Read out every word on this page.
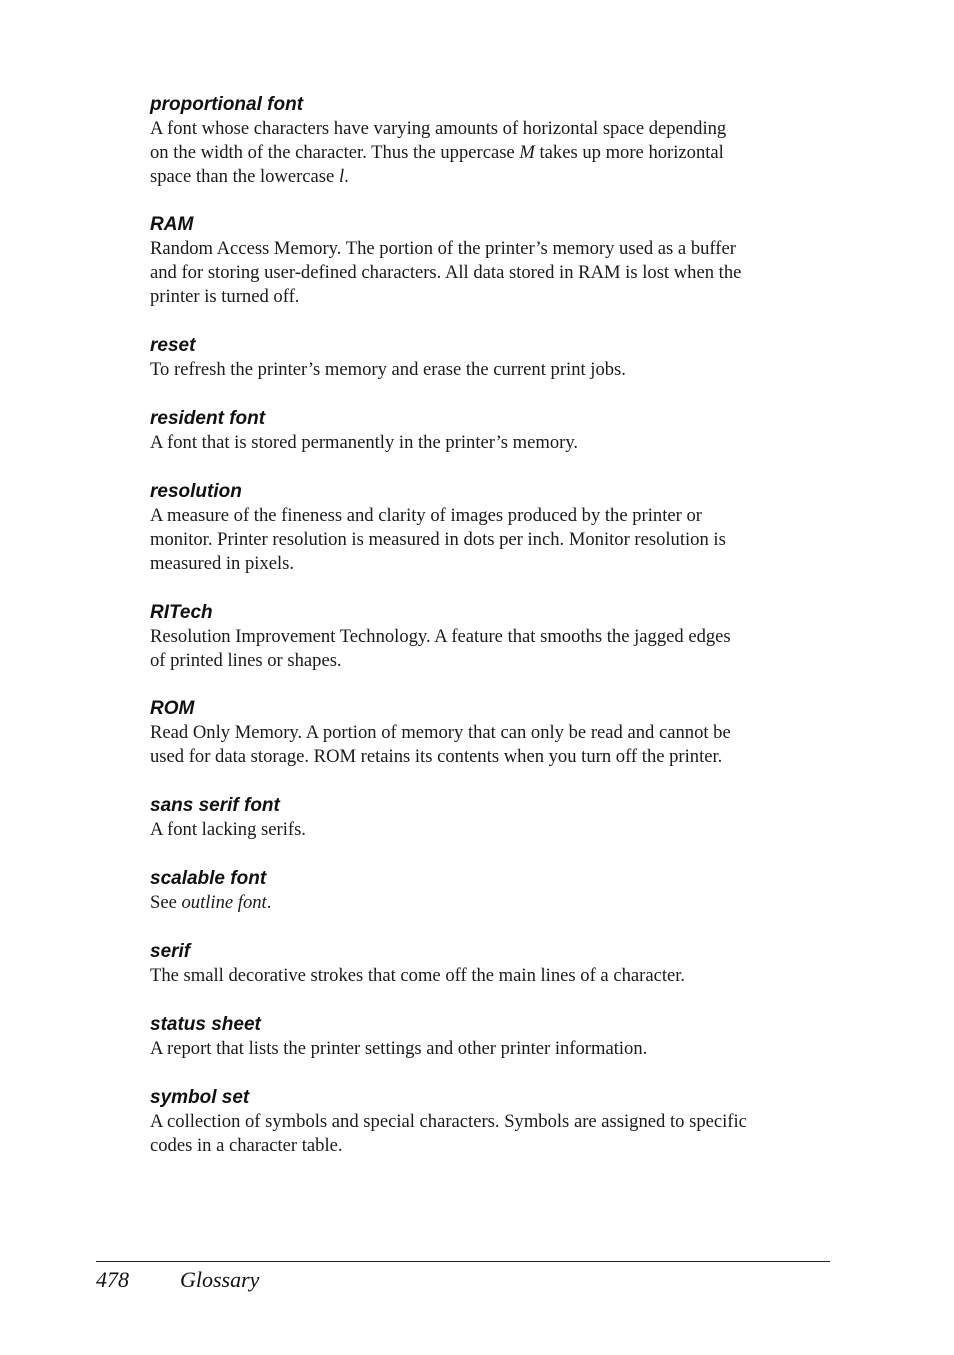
proportional font
A font whose characters have varying amounts of horizontal space depending
on the width of the character. Thus the uppercase M takes up more horizontal
space than the lowercase l.
RAM
Random Access Memory. The portion of the printer’s memory used as a buffer
and for storing user-defined characters. All data stored in RAM is lost when the
printer is turned off.
reset
To refresh the printer’s memory and erase the current print jobs.
resident font
A font that is stored permanently in the printer’s memory.
resolution
A measure of the fineness and clarity of images produced by the printer or
monitor. Printer resolution is measured in dots per inch. Monitor resolution is
measured in pixels.
RITech
Resolution Improvement Technology. A feature that smooths the jagged edges
of printed lines or shapes.
ROM
Read Only Memory. A portion of memory that can only be read and cannot be
used for data storage. ROM retains its contents when you turn off the printer.
sans serif font
A font lacking serifs.
scalable font
See outline font.
serif
The small decorative strokes that come off the main lines of a character.
status sheet
A report that lists the printer settings and other printer information.
symbol set
A collection of symbols and special characters. Symbols are assigned to specific
codes in a character table.
478 Glossary
